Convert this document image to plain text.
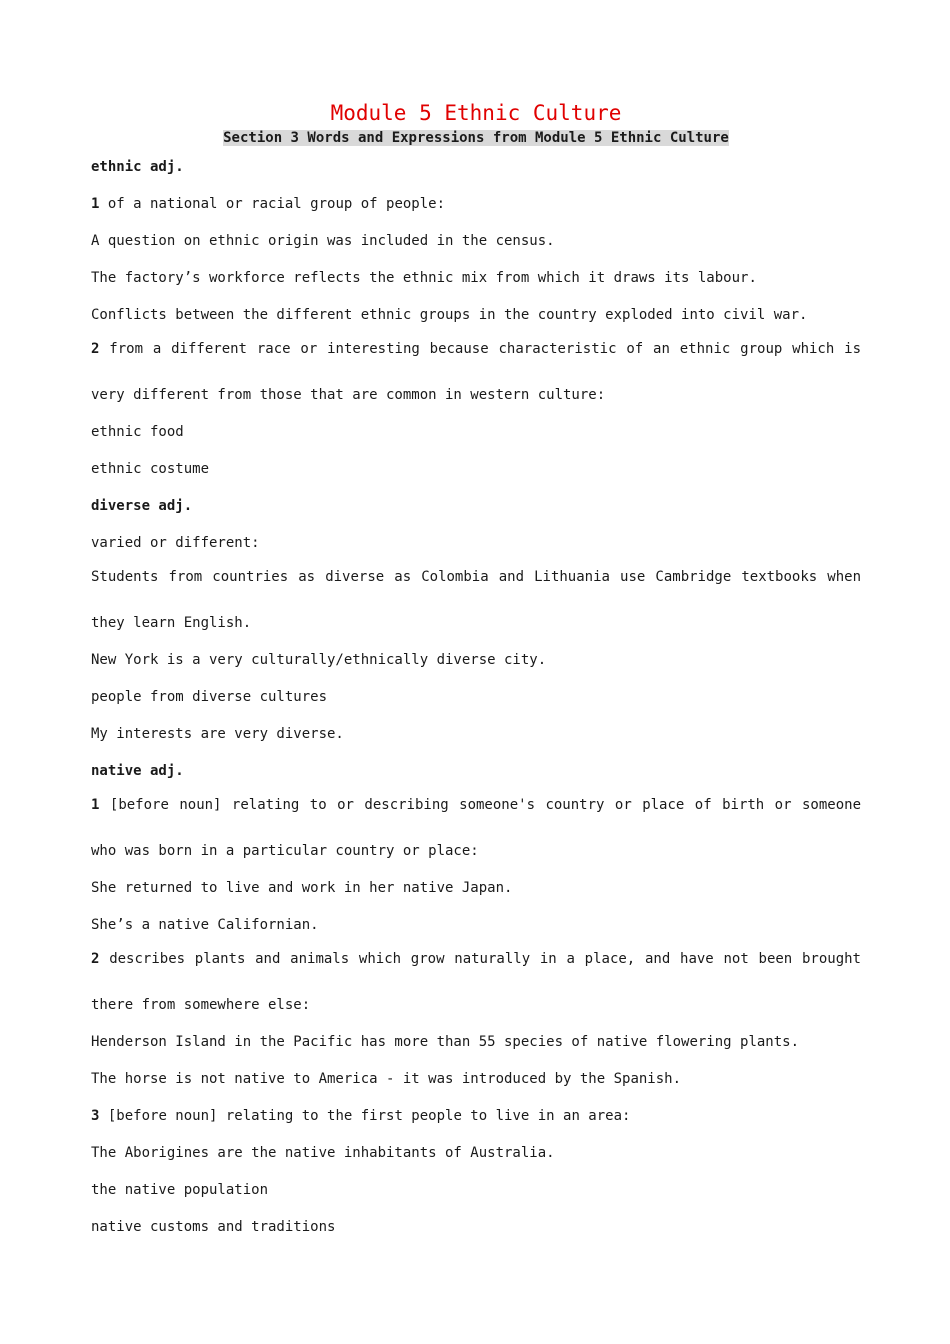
Module 5 Ethnic Culture
Section 3 Words and Expressions from Module 5 Ethnic Culture
ethnic adj.
1 of a national or racial group of people:
A question on ethnic origin was included in the census.
The factory’s workforce reflects the ethnic mix from which it draws its labour.
Conflicts between the different ethnic groups in the country exploded into civil war.
2 from a different race or interesting because characteristic of an ethnic group which is
very different from those that are common in western culture:
ethnic food
ethnic costume
diverse adj.
varied or different:
Students from countries as diverse as Colombia and Lithuania use Cambridge textbooks when
they learn English.
New York is a very culturally/ethnically diverse city.
people from diverse cultures
My interests are very diverse.
native adj.
1 [before noun] relating to or describing someone's country or place of birth or someone
who was born in a particular country or place:
She returned to live and work in her native Japan.
She’s a native Californian.
2 describes plants and animals which grow naturally in a place, and have not been brought
there from somewhere else:
Henderson Island in the Pacific has more than 55 species of native flowering plants.
The horse is not native to America - it was introduced by the Spanish.
3 [before noun] relating to the first people to live in an area:
The Aborigines are the native inhabitants of Australia.
the native population
native customs and traditions
